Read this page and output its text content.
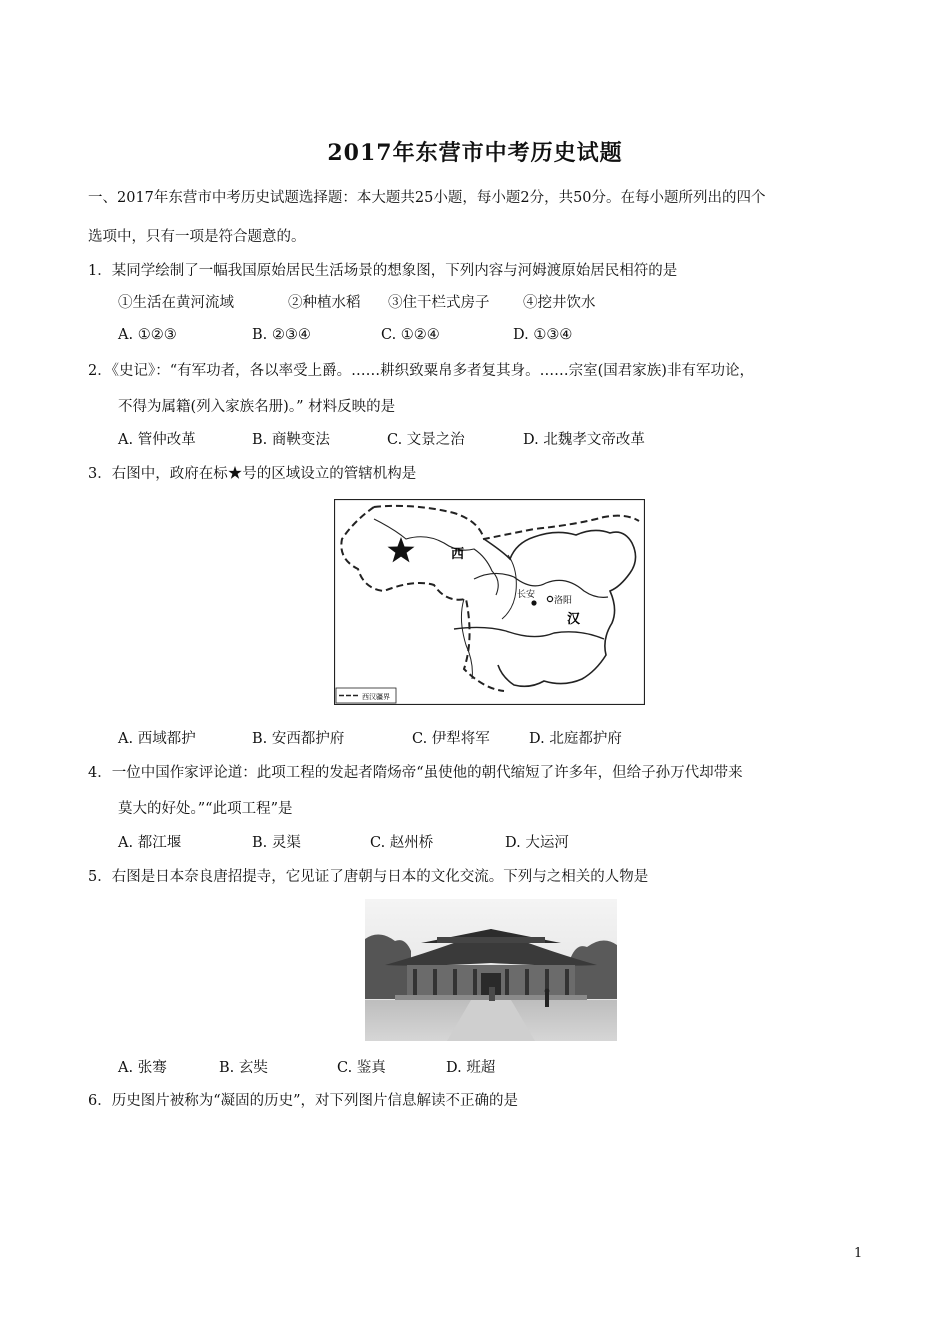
2017年东营市中考历史试题
一、2017年东营市中考历史试题选择题：本大题共25小题，每小题2分，共50分。在每小题所列出的四个
选项中，只有一项是符合题意的。
1．某同学绘制了一幅我国原始居民生活场景的想象图，下列内容与河姆渡原始居民相符的是
①生活在黄河流域	②种植水稻 ③住干栏式房子 ④挖井饮水
A. ①②③	B. ②③④	C. ①②④	D. ①③④
2．《史记》：“有军功者，各以率受上爵。……耕织致粟帛多者复其身。……宗室(国君家族)非有军功论，
不得为属籍(列入家族名册)。” 材料反映的是
A. 管仲改革	B. 商鞅变法	C. 文景之治	D. 北魏孝文帝改革
3．右图中，政府在标★号的区域设立的管辖机构是
西
汉
长安
洛阳
西汉疆界
A. 西域都护	B. 安西都护府	C. 伊犁将军	D. 北庭都护府
4．一位中国作家评论道：此项工程的发起者隋炀帝“虽使他的朝代缩短了许多年，但给子孙万代却带来
莫大的好处。”“此项工程”是
A. 都江堰	B. 灵渠	C. 赵州桥	D. 大运河
5．右图是日本奈良唐招提寺，它见证了唐朝与日本的文化交流。下列与之相关的人物是
A. 张骞	B. 玄奘	C. 鉴真	D. 班超
6．历史图片被称为“凝固的历史”，对下列图片信息解读不正确的是
1
